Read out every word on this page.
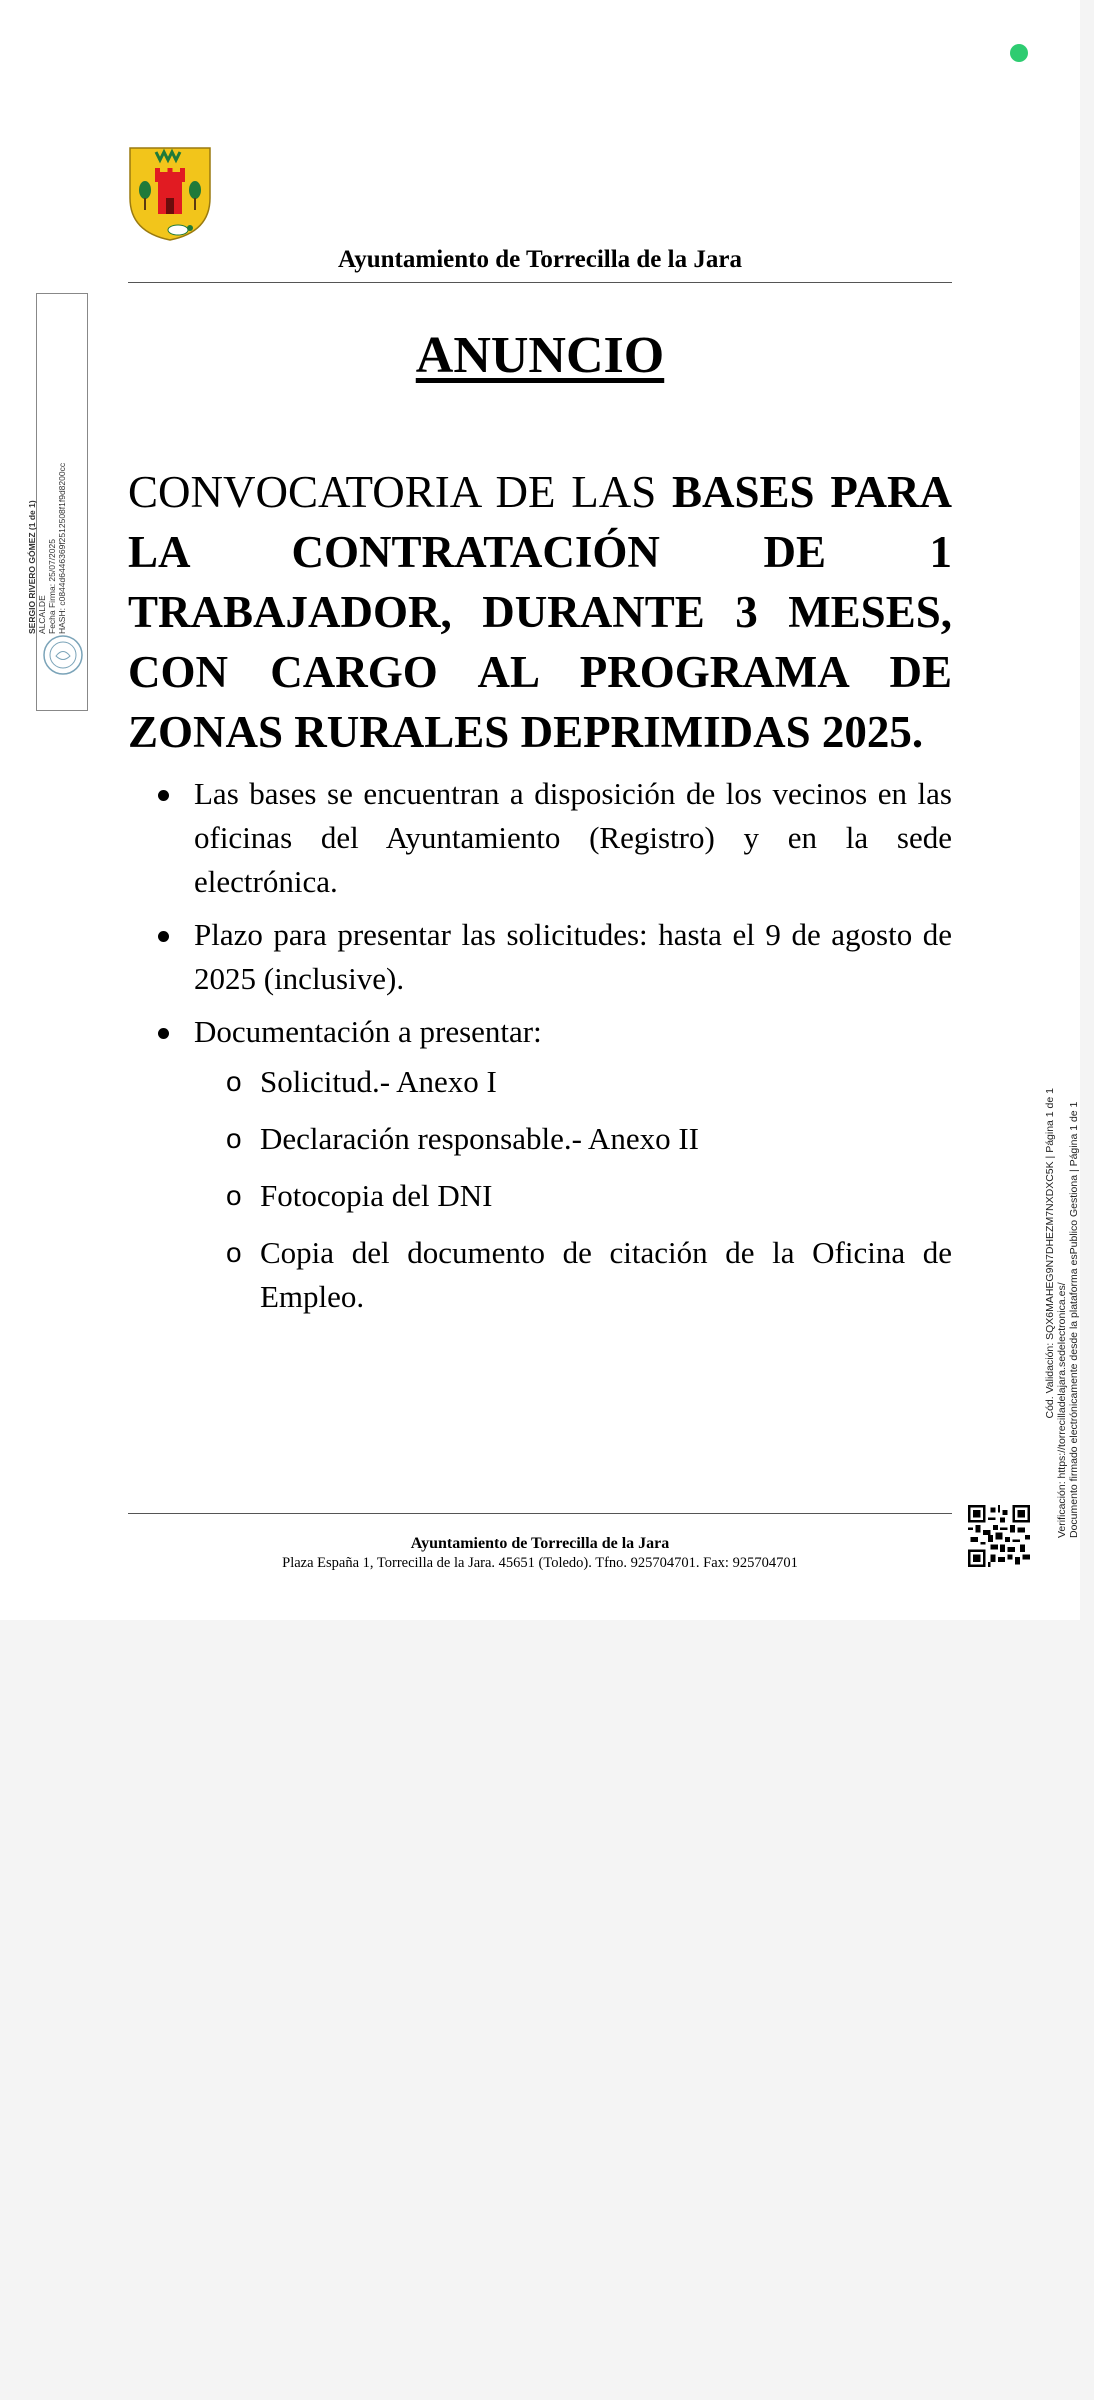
Ayuntamiento de Torrecilla de la Jara
SERGIO RIVERO GÓMEZ (1 de 1) ALCALDE Fecha Firma: 25/07/2025 HASH: c0844d6446369f2512508f1f9d8200cc
ANUNCIO

CONVOCATORIA DE LAS BASES PARA LA CONTRATACIÓN DE 1 TRABAJADOR, DURANTE 3 MESES, CON CARGO AL PROGRAMA DE ZONAS RURALES DEPRIMIDAS 2025.

Las bases se encuentran a disposición de los vecinos en las oficinas del Ayuntamiento (Registro) y en la sede electrónica.
Plazo para presentar las solicitudes: hasta el 9 de agosto de 2025 (inclusive).
Documentación a presentar:
o Solicitud.- Anexo I
o Declaración responsable.- Anexo II
o Fotocopia del DNI
o Copia del documento de citación de la Oficina de Empleo.	Cód. Validación: SQX6MAHEG9N7DHEZM7NXDXC5K | Página 1 de 1 Verificación: https://torrecilladelajara.sedelectronica.es/ Documento firmado electrónicamente desde la plataforma esPublico Gestiona | Página 1 de 1
Ayuntamiento de Torrecilla de la Jara
Plaza España 1, Torrecilla de la Jara. 45651 (Toledo). Tfno. 925704701. Fax: 925704701
